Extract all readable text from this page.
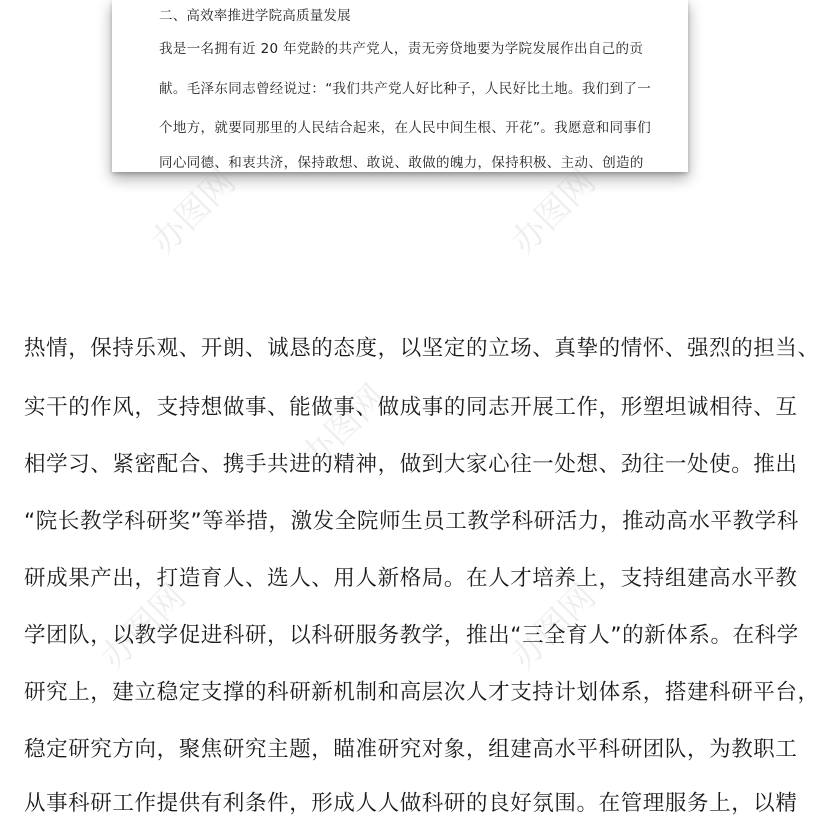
二、高效率推进学院高质量发展
我是一名拥有近 20 年党龄的共产党人，责无旁贷地要为学院发展作出自己的贡
献。毛泽东同志曾经说过：“我们共产党人好比种子，人民好比土地。我们到了一
个地方，就要同那里的人民结合起来，在人民中间生根、开花”。我愿意和同事们
同心同德、和衷共济，保持敢想、敢说、敢做的魄力，保持积极、主动、创造的
办图网	办图网
办图网
办图网	办图网
热情，保持乐观、开朗、诚恳的态度，以坚定的立场、真挚的情怀、强烈的担当、
实干的作风，支持想做事、能做事、做成事的同志开展工作，形塑坦诚相待、互
相学习、紧密配合、携手共进的精神，做到大家心往一处想、劲往一处使。推出
“院长教学科研奖”等举措，激发全院师生员工教学科研活力，推动高水平教学科
研成果产出，打造育人、选人、用人新格局。在人才培养上，支持组建高水平教
学团队，以教学促进科研，以科研服务教学，推出“三全育人”的新体系。在科学
研究上，建立稳定支撑的科研新机制和高层次人才支持计划体系，搭建科研平台，
稳定研究方向，聚焦研究主题，瞄准研究对象，组建高水平科研团队，为教职工
从事科研工作提供有利条件，形成人人做科研的良好氛围。在管理服务上，以精
